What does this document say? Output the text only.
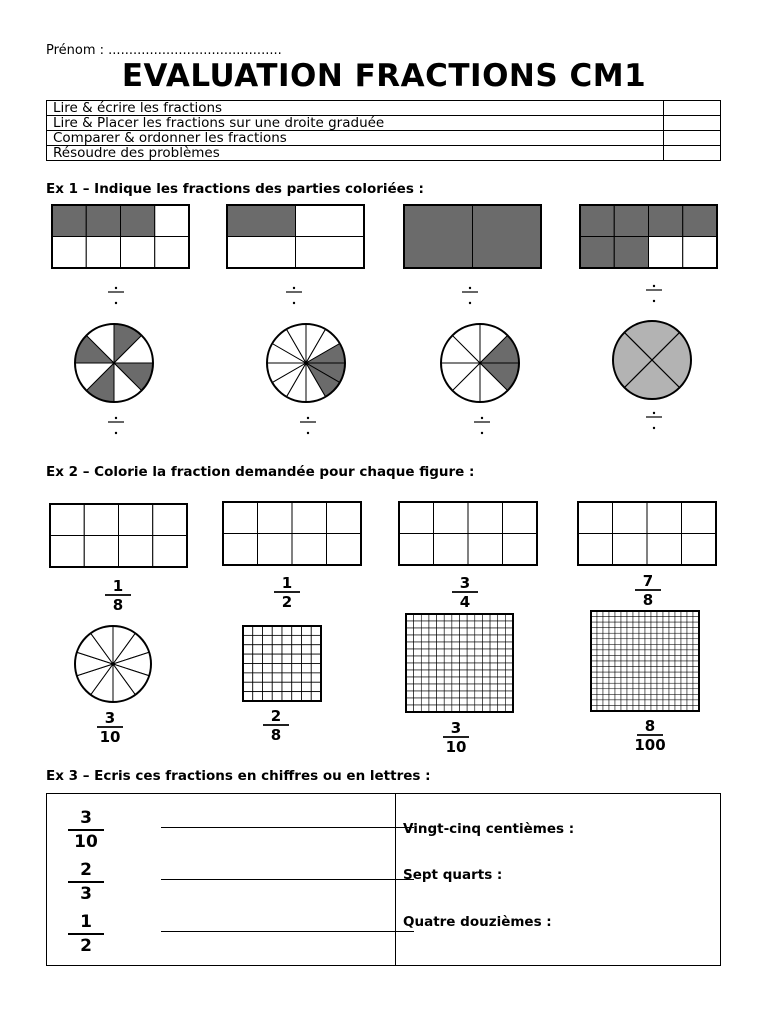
Prénom : ..........................................
EVALUATION FRACTIONS CM1
Lire & écrire les fractions	
Lire & Placer les fractions sur une droite graduée	
Comparer & ordonner les fractions	
Résoudre des problèmes	
Ex 1 – Indique les fractions des parties coloriées :
Ex 2 – Colorie la fraction demandée pour chaque figure :
1
8
1
2
3
4
7
8
3
10
2
8	3
10
8
100
Ex 3 – Ecris ces fractions en chiffres ou en lettres :
3
10
2
3
1
2
Vingt-cinq centièmes :
Sept quarts :
Quatre douzièmes :
